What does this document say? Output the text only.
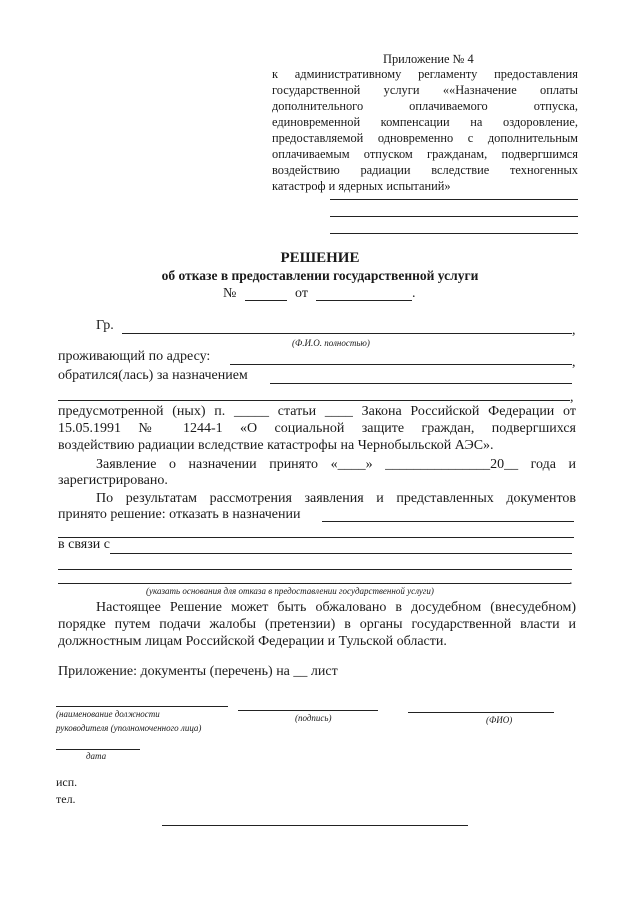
Приложение № 4
к административному регламенту предоставления
государственной услуги ««Назначение оплаты
дополнительного оплачиваемого отпуска,
единовременной компенсации на оздоровление,
предоставляемой одновременно с дополнительным
оплачиваемым отпуском гражданам, подвергшимся
воздействию радиации вследствие техногенных
катастроф и ядерных испытаний»
РЕШЕНИЕ
об отказе в предоставлении государственной услуги
№	от	.
Гр.	,
(Ф.И.О. полностью)
проживающий по адресу:	,
обратился(лась) за назначением
,
предусмотренной (ных) п. _____ статьи ____ Закона Российской Федерации от
15.05.1991 № 1244-1 «О социальной защите граждан, подвергшихся
воздействию радиации вследствие катастрофы на Чернобыльской АЭС».
Заявление о назначении принято «____» _______________20__ года и
зарегистрировано.
По результатам рассмотрения заявления и представленных документов
принято решение: отказать в назначении
в связи с
.
(указать основания для отказа в предоставлении государственной услуги)
Настоящее Решение может быть обжаловано в досудебном (внесудебном)
порядке путем подачи жалобы (претензии) в органы государственной власти и
должностным лицам Российской Федерации и Тульской области.
Приложение: документы (перечень) на __ лист
(наименование должности
руководителя (уполномоченного лица)
(подпись)	(ФИО)
дата
исп.
тел.
